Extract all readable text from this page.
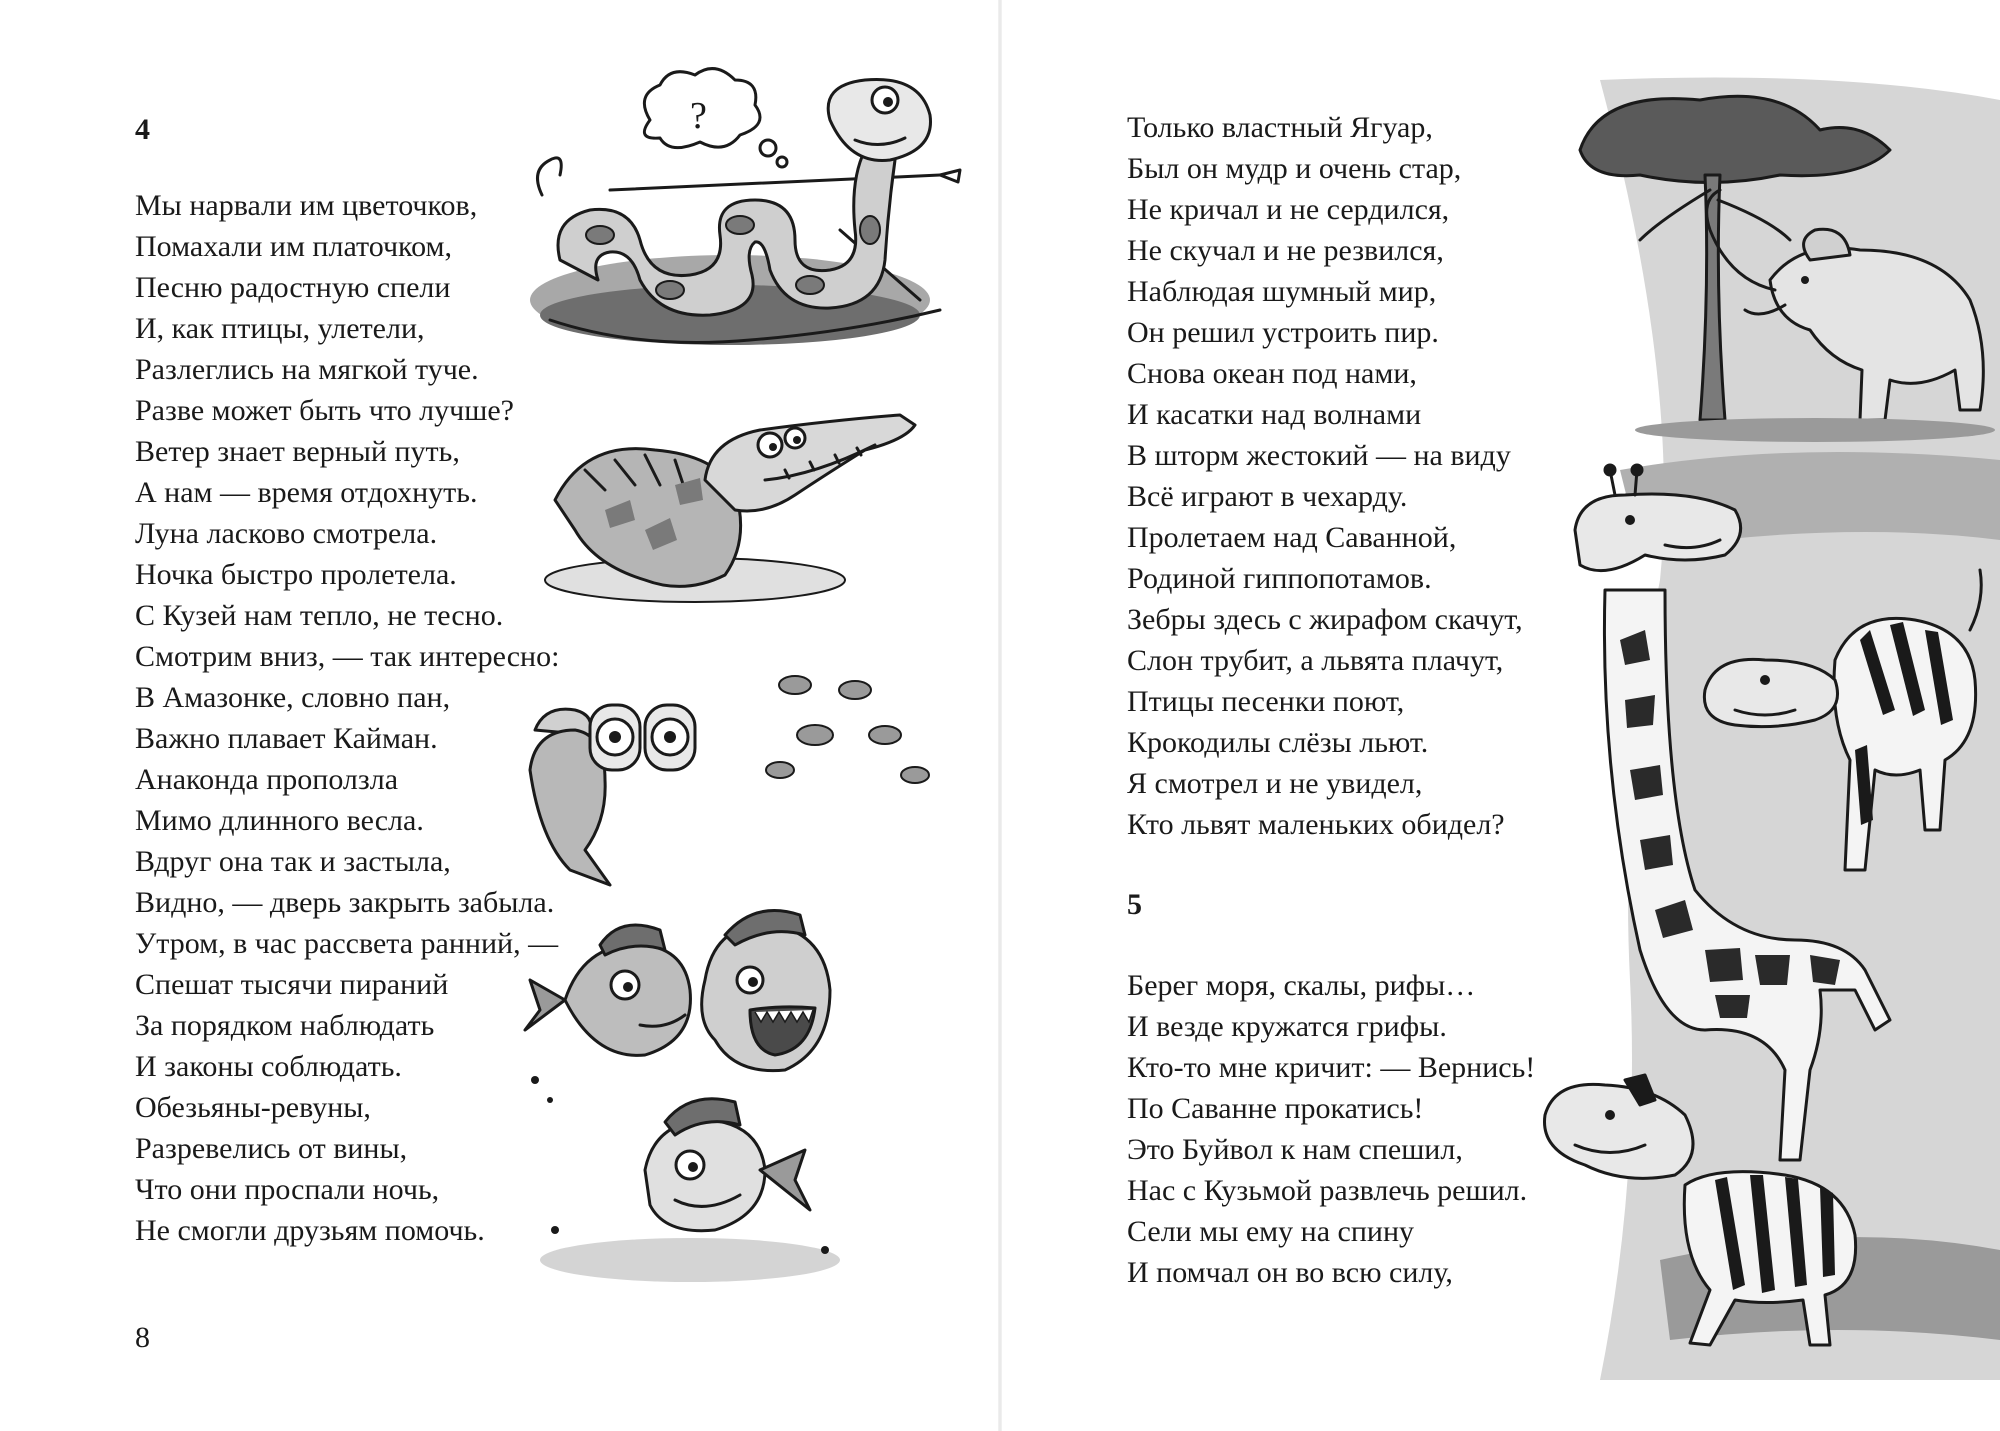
4
Мы нарвали им цветочков,
Помахали им платочком,
Песню радостную спели
И, как птицы, улетели,
Разлеглись на мягкой туче.
Разве может быть что лучше?
Ветер знает верный путь,
А нам — время отдохнуть.
Луна ласково смотрела.
Ночка быстро пролетела.
С Кузей нам тепло, не тесно.
Смотрим вниз, — так интересно:
В Амазонке, словно пан,
Важно плавает Кайман.
Анаконда проползла
Мимо длинного весла.
Вдруг она так и застыла,
Видно, — дверь закрыть забыла.
Утром, в час рассвета ранний, —
Спешат тысячи пираний
За порядком наблюдать
И законы соблюдать.
Обезьяны-ревуны,
Разревелись от вины,
Что они проспали ночь,
Не смогли друзьям помочь.
8
?	Только властный Ягуар,
Был он мудр и очень стар,
Не кричал и не сердился,
Не скучал и не резвился,
Наблюдая шумный мир,
Он решил устроить пир.
Снова океан под нами,
И касатки над волнами
В шторм жестокий — на виду
Всё играют в чехарду.
Пролетаем над Саванной,
Родиной гиппопотамов.
Зебры здесь с жирафом скачут,
Слон трубит, а львята плачут,
Птицы песенки поют,
Крокодилы слёзы льют.
Я смотрел и не увидел,
Кто львят маленьких обидел?
5
Берег моря, скалы, рифы…
И везде кружатся грифы.
Кто-то мне кричит: — Вернись!
По Саванне прокатись!
Это Буйвол к нам спешил,
Нас с Кузьмой развлечь решил.
Сели мы ему на спину
И помчал он во всю силу,
